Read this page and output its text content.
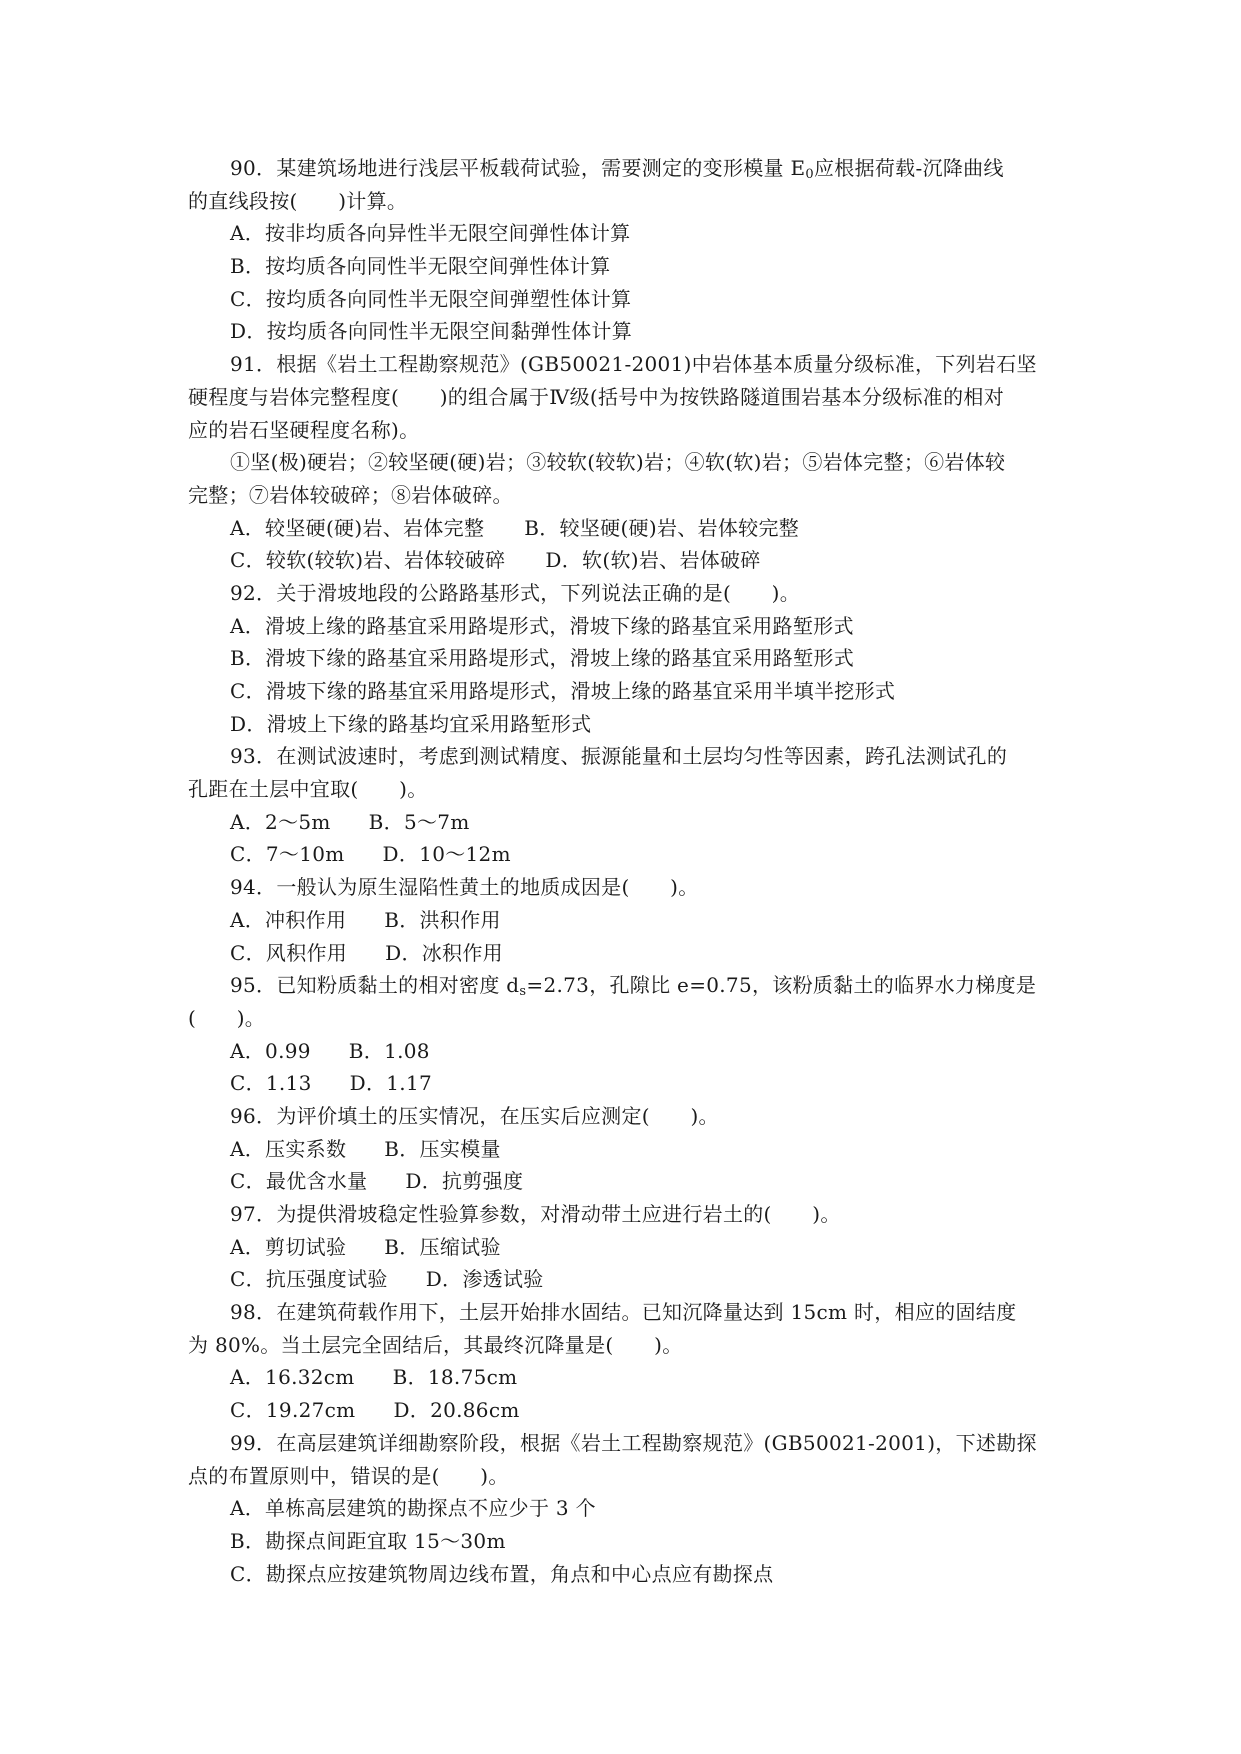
90．某建筑场地进行浅层平板载荷试验，需要测定的变形模量 $E_0$应根据荷载-沉降曲线
的直线段按(　　)计算。
A．按非均质各向异性半无限空间弹性体计算
B．按均质各向同性半无限空间弹性体计算
C．按均质各向同性半无限空间弹塑性体计算
D．按均质各向同性半无限空间黏弹性体计算
91．根据《岩土工程勘察规范》(GB50021-2001)中岩体基本质量分级标准，下列岩石坚
硬程度与岩体完整程度(　　)的组合属于Ⅳ级(括号中为按铁路隧道围岩基本分级标准的相对
应的岩石坚硬程度名称)。
①坚(极)硬岩；②较坚硬(硬)岩；③较软(较软)岩；④软(软)岩；⑤岩体完整；⑥岩体较
完整；⑦岩体较破碎；⑧岩体破碎。
A．较坚硬(硬)岩、岩体完整 B．较坚硬(硬)岩、岩体较完整
C．较软(较软)岩、岩体较破碎 D．软(软)岩、岩体破碎
92．关于滑坡地段的公路路基形式，下列说法正确的是(　　)。
A．滑坡上缘的路基宜采用路堤形式，滑坡下缘的路基宜采用路堑形式
B．滑坡下缘的路基宜采用路堤形式，滑坡上缘的路基宜采用路堑形式
C．滑坡下缘的路基宜采用路堤形式，滑坡上缘的路基宜采用半填半挖形式
D．滑坡上下缘的路基均宜采用路堑形式
93．在测试波速时，考虑到测试精度、振源能量和土层均匀性等因素，跨孔法测试孔的
孔距在土层中宜取(　　)。
A．2～5m B．5～7m
C．7～10m D．10～12m
94．一般认为原生湿陷性黄土的地质成因是(　　)。
A．冲积作用 B．洪积作用
C．风积作用 D．冰积作用
95．已知粉质黏土的相对密度 $d_s=2.73$，孔隙比 e=0.75，该粉质黏土的临界水力梯度是
(　　)。
A．0.99 B．1.08
C．1.13 D．1.17
96．为评价填土的压实情况，在压实后应测定(　　)。
A．压实系数 B．压实模量
C．最优含水量 D．抗剪强度
97．为提供滑坡稳定性验算参数，对滑动带土应进行岩土的(　　)。
A．剪切试验 B．压缩试验
C．抗压强度试验 D．渗透试验
98．在建筑荷载作用下，土层开始排水固结。已知沉降量达到 15cm 时，相应的固结度
为 80%。当土层完全固结后，其最终沉降量是(　　)。
A．16.32cm B．18.75cm
C．19.27cm D．20.86cm
99．在高层建筑详细勘察阶段，根据《岩土工程勘察规范》(GB50021-2001)，下述勘探
点的布置原则中，错误的是(　　)。
A．单栋高层建筑的勘探点不应少于 3 个
B．勘探点间距宜取 15～30m
C．勘探点应按建筑物周边线布置，角点和中心点应有勘探点
